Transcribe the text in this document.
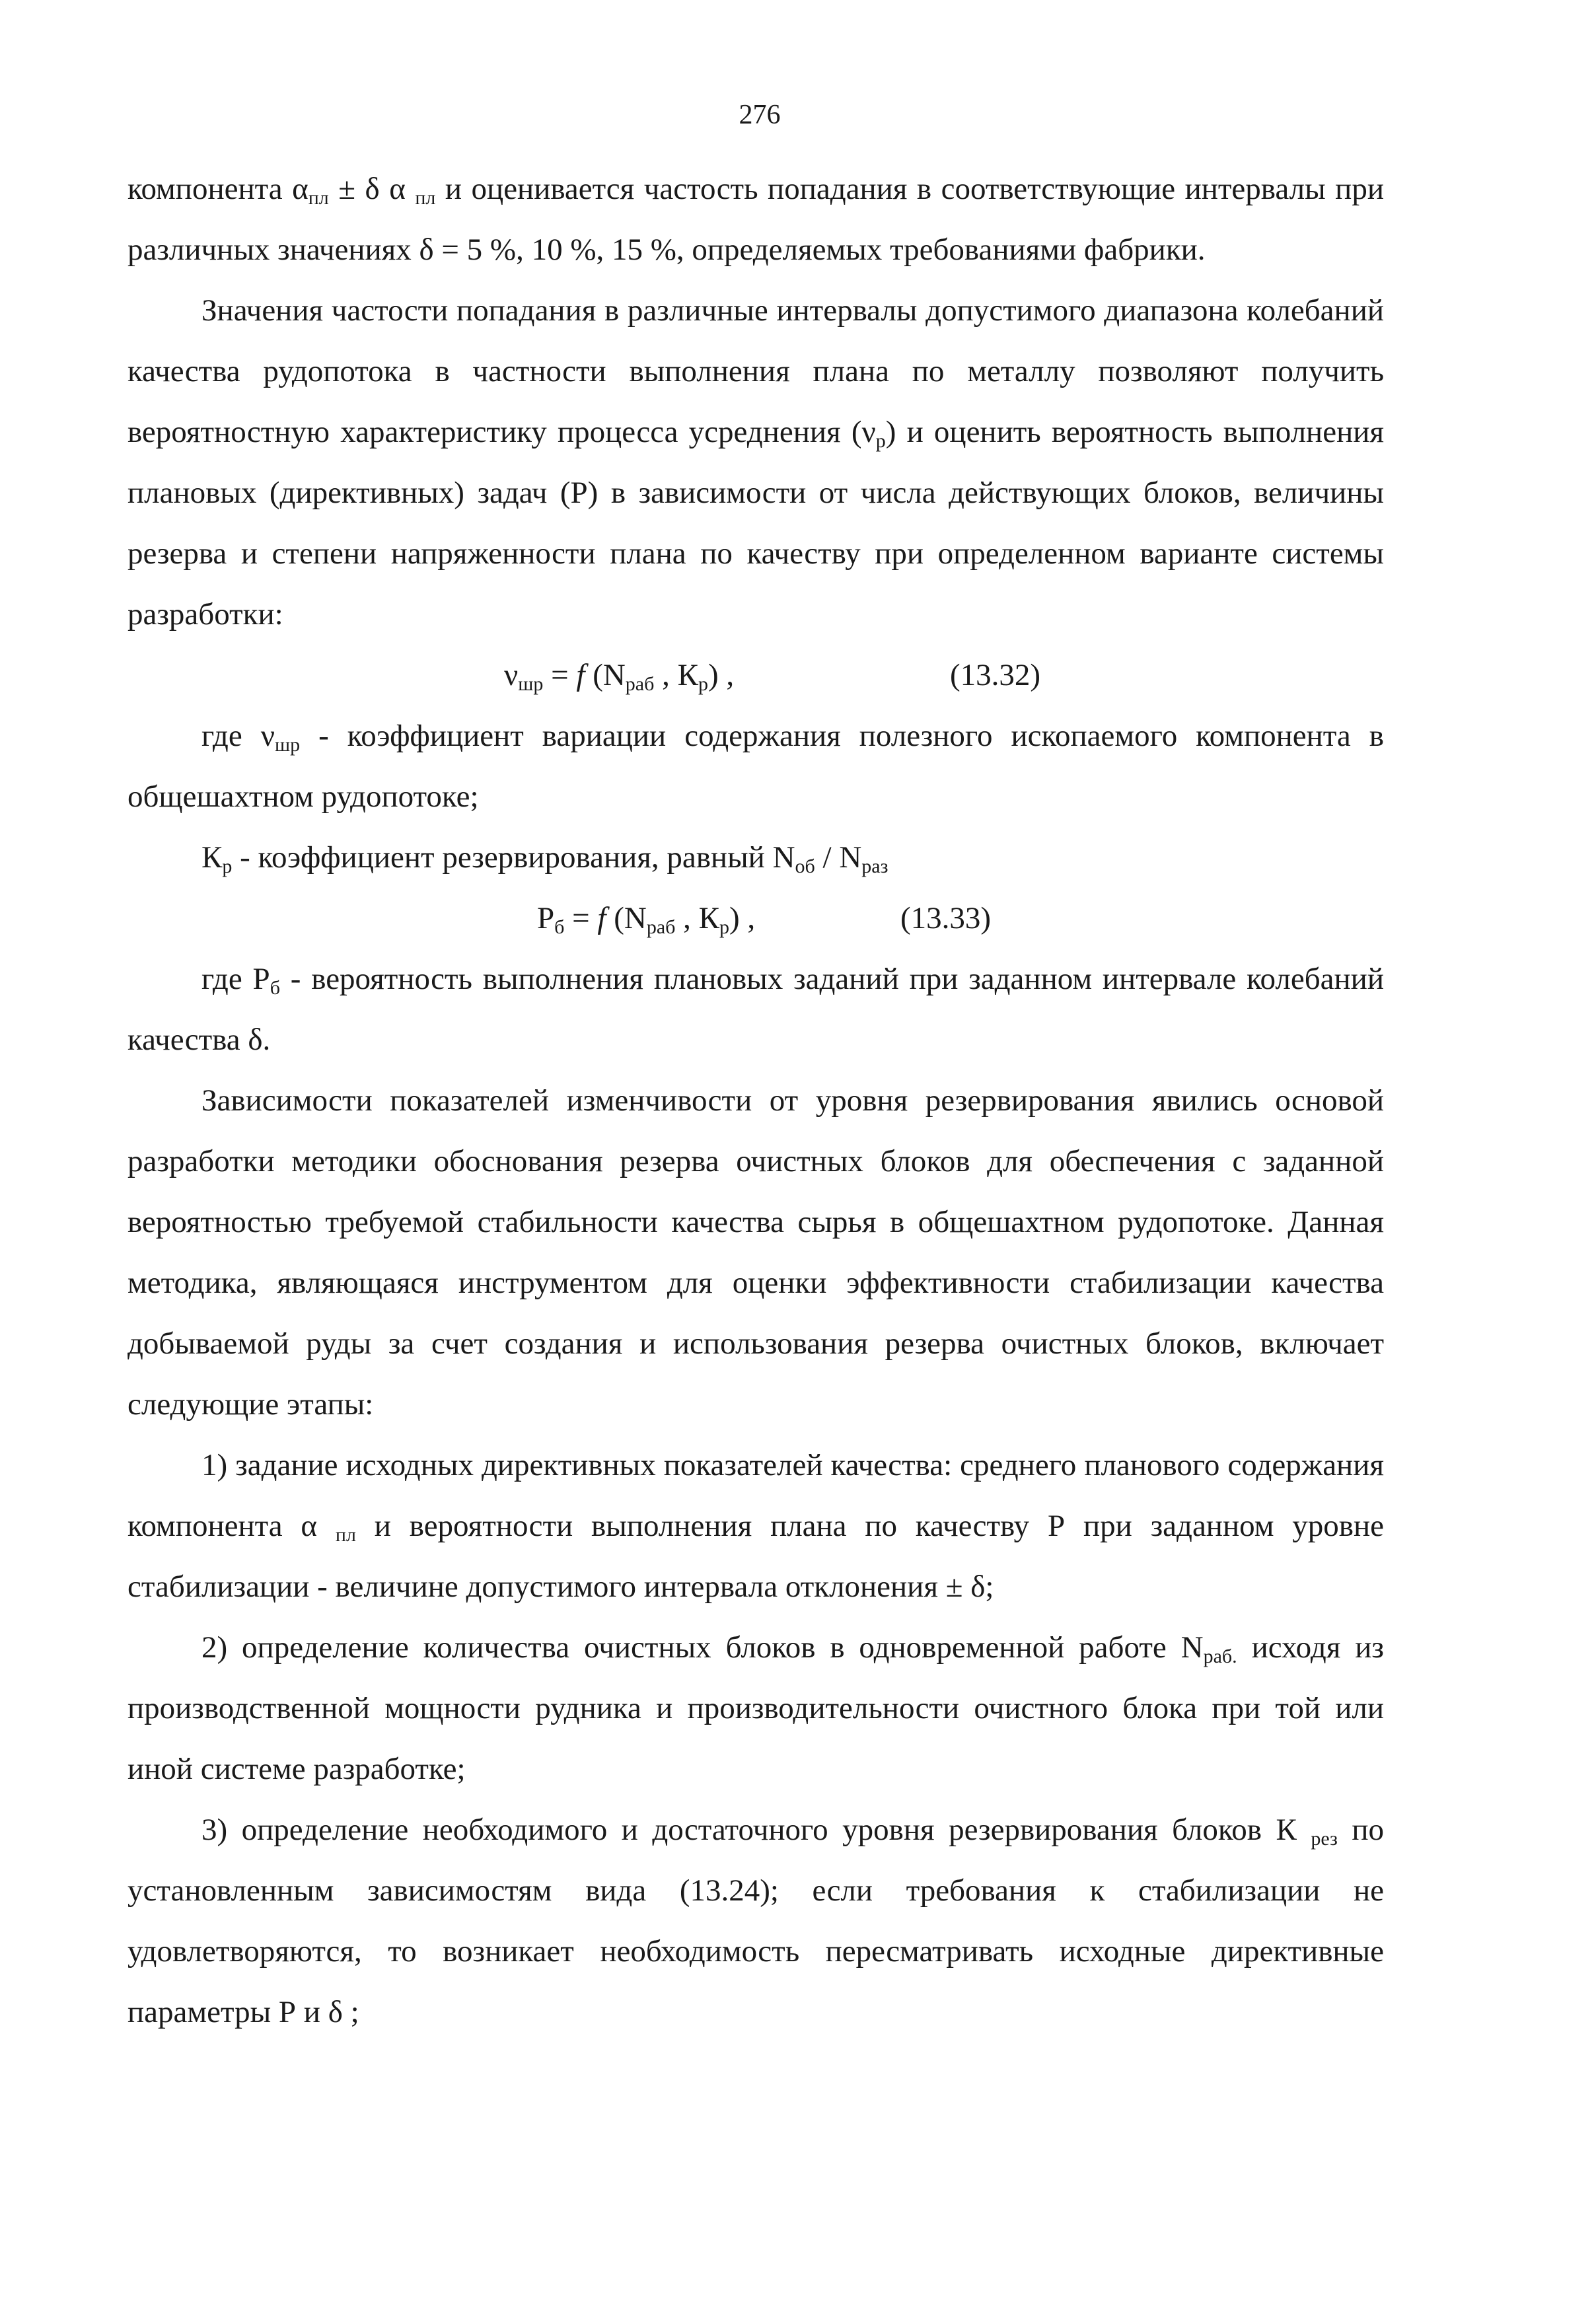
276

компонента $\alpha_{пл} \pm \delta$ α $_{пл}$ и оценивается частость попадания в соответствующие интервалы при различных значениях δ = 5 %, 10 %, 15 %, определяемых требованиями фабрики.

Значения частости попадания в различные интервалы допустимого диапазона колебаний качества рудопотока в частности выполнения плана по металлу позволяют получить вероятностную характеристику процесса усреднения $(\nu_р)$ и оценить вероятность выполнения плановых (директивных) задач (Р) в зависимости от числа действующих блоков, величины резерва и степени напряженности плана по качеству при определенном варианте системы разработки:

$\nu_{шр} = f$ ($N_{раб}$ , $К_р$) ,	(13.32)

где $\nu_{шр}$ - коэффициент вариации содержания полезного ископаемого компонента в общешахтном рудопотоке;

$К_р$ - коэффициент резервирования, равный $N_{об} / N_{раз}$

$Р_б = f$ ($N_{раб}$ , $К_р$) ,	(13.33)

где $Р_б$ - вероятность выполнения плановых заданий при заданном интервале колебаний качества δ.

Зависимости показателей изменчивости от уровня резервирования явились основой разработки методики обоснования резерва очистных блоков для обеспечения с заданной вероятностью требуемой стабильности качества сырья в общешахтном рудопотоке. Данная методика, являющаяся инструментом для оценки эффективности стабилизации качества добываемой руды за счет создания и использования резерва очистных блоков, включает следующие этапы:

1) задание исходных директивных показателей качества: среднего планового содержания компонента α $_{пл}$ и вероятности выполнения плана по качеству Р при заданном уровне стабилизации - величине допустимого интервала отклонения ± δ;

2) определение количества очистных блоков в одновременной работе $N_{раб.}$ исходя из производственной мощности рудника и производительности очистного блока при той или иной системе разработке;

3) определение необходимого и достаточного уровня резервирования блоков К $_{рез}$ по установленным зависимостям вида (13.24); если требования к стабилизации не удовлетворяются, то возникает необходимость пересматривать исходные директивные параметры Р и δ ;
